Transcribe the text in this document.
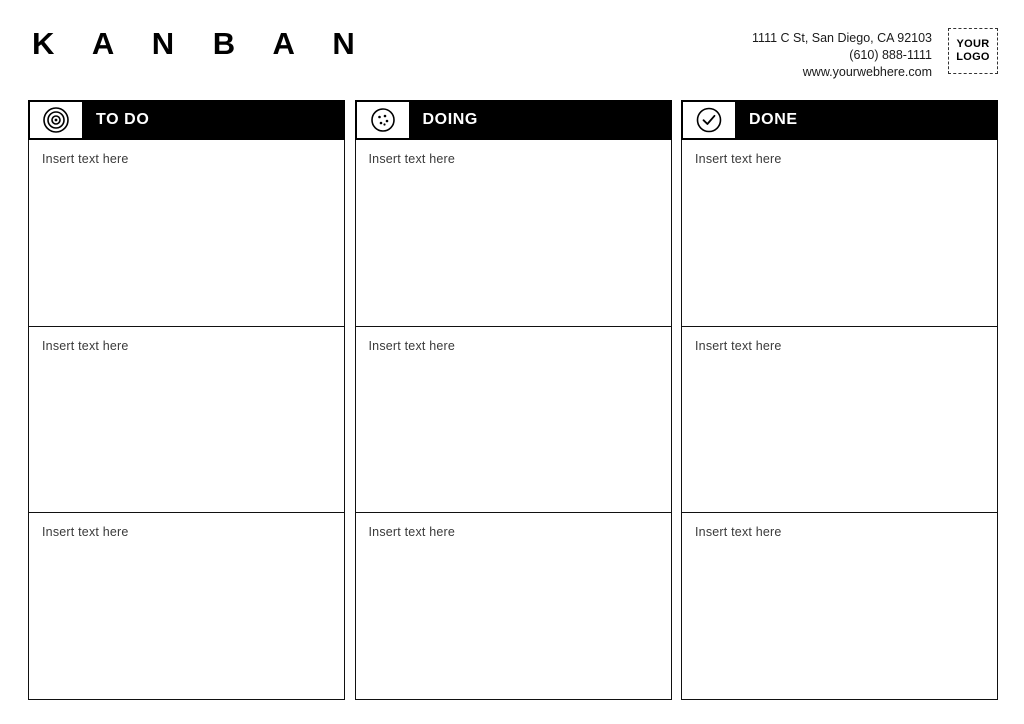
K A N B A N	1111 C St, San Diego, CA 92103
(610) 888-1111
www.yourwebhere.com
YOUR
LOGO
TO DO
Insert text here
Insert text here
Insert text here
DOING
Insert text here
Insert text here
Insert text here
DONE
Insert text here
Insert text here
Insert text here
